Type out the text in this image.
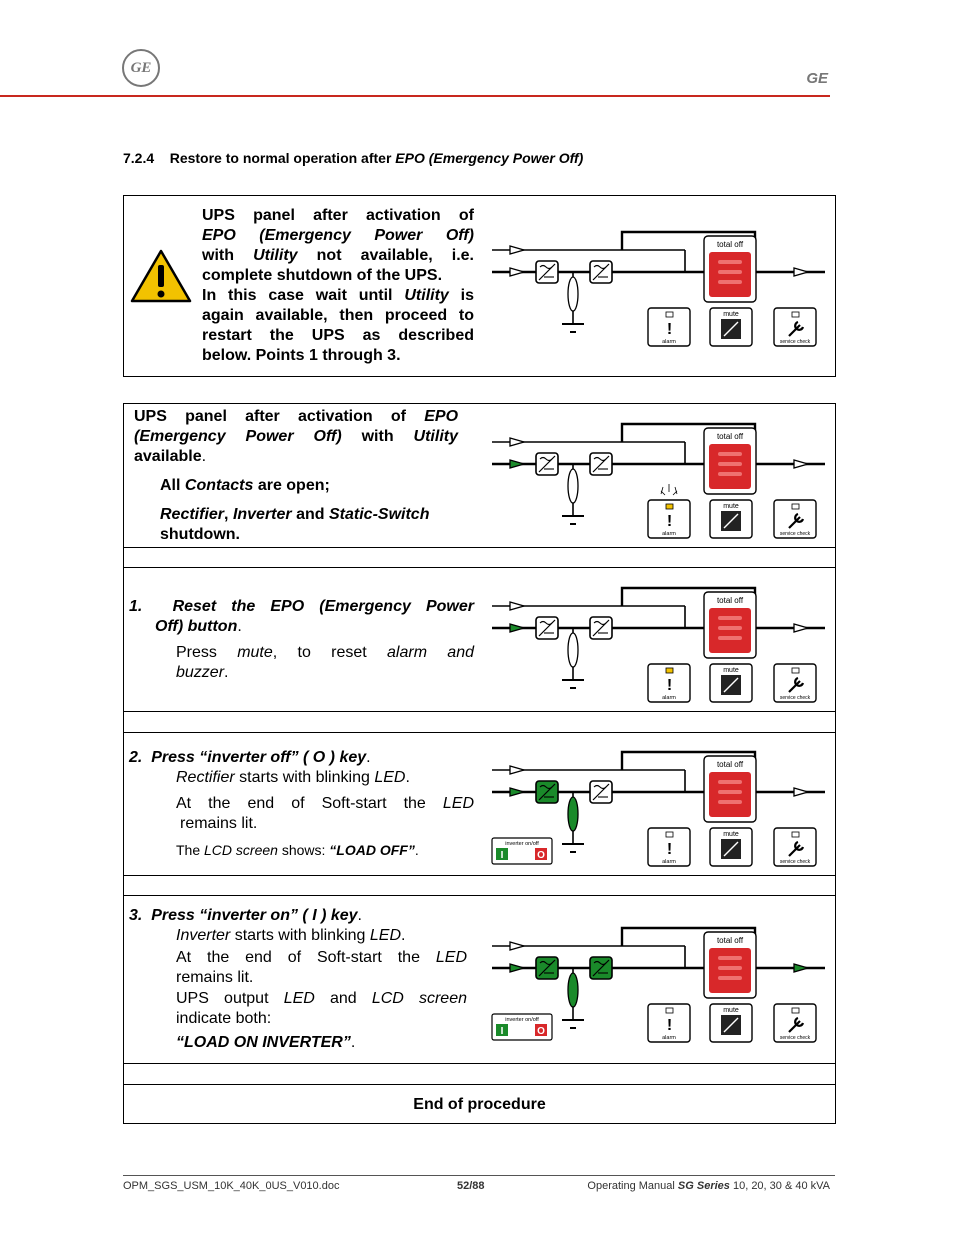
GE
GE
7.2.4 Restore to normal operation after EPO (Emergency Power Off)
UPS panel after activation of
EPO (Emergency Power Off)
with Utility not available, i.e.
complete shutdown of the UPS.
In this case wait until Utility is
again available, then proceed to
restart the UPS as described
below. Points 1 through 3.
total off
!
alarm
mute
service check
UPS panel after activation of EPO
(Emergency Power Off) with Utility
available.
All Contacts are open;
Rectifier, Inverter and Static-Switch
shutdown.
total off
!
alarm
mute
service check
1. Reset the EPO (Emergency Power
Off) button.
Press mute, to reset alarm and
buzzer.
total off
!
alarm
mute
service check
2. Press “inverter off” ( O ) key.
Rectifier starts with blinking LED.
At the end of Soft-start the LED
remains lit.
The LCD screen shows: “LOAD OFF”.
total off
inverter on/off
I	O	!
alarm
mute
service check
3. Press “inverter on” ( I ) key.
Inverter starts with blinking LED.
At the end of Soft-start the LED
remains lit.
UPS output LED and LCD screen
indicate both:
“LOAD ON INVERTER”.
total off
inverter on/off
I	O	!
alarm
mute
service check
End of procedure
OPM_SGS_USM_10K_40K_0US_V010.doc	52/88	Operating Manual SG Series 10, 20, 30 & 40 kVA
